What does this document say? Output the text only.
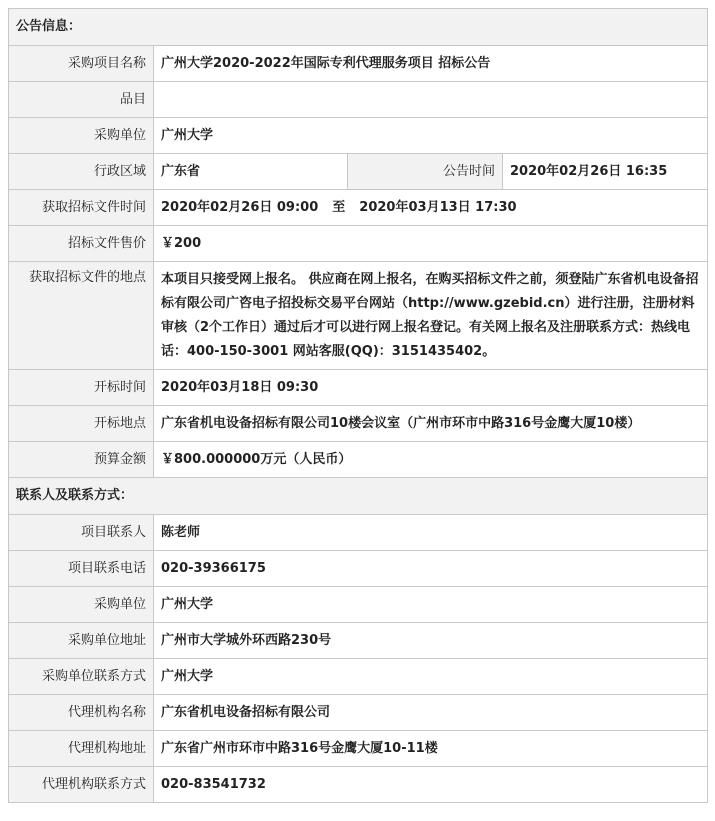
公告信息：			
采购项目名称	广州大学2020-2022年国际专利代理服务项目 招标公告		
品目			
采购单位	广州大学		
行政区域	广东省	公告时间	2020年02月26日 16:35
获取招标文件时间	2020年02月26日 09:00 至 2020年03月13日 17:30		
招标文件售价	￥200		
获取招标文件的地点	本项目只接受网上报名。 供应商在网上报名，在购买招标文件之前，须登陆广东省机电设备招标有限公司广咨电子招投标交易平台网站（http://www.gzebid.cn）进行注册，注册材料审核（2个工作日）通过后才可以进行网上报名登记。有关网上报名及注册联系方式：热线电话：400-150-3001 网站客服(QQ)：3151435402。		
开标时间	2020年03月18日 09:30		
开标地点	广东省机电设备招标有限公司10楼会议室（广州市环市中路316号金鹰大厦10楼）		
预算金额	￥800.000000万元（人民币）		
联系人及联系方式：			
项目联系人	陈老师		
项目联系电话	020-39366175		
采购单位	广州大学		
采购单位地址	广州市大学城外环西路230号		
采购单位联系方式	广州大学		
代理机构名称	广东省机电设备招标有限公司		
代理机构地址	广东省广州市环市中路316号金鹰大厦10-11楼		
代理机构联系方式	020-83541732		
